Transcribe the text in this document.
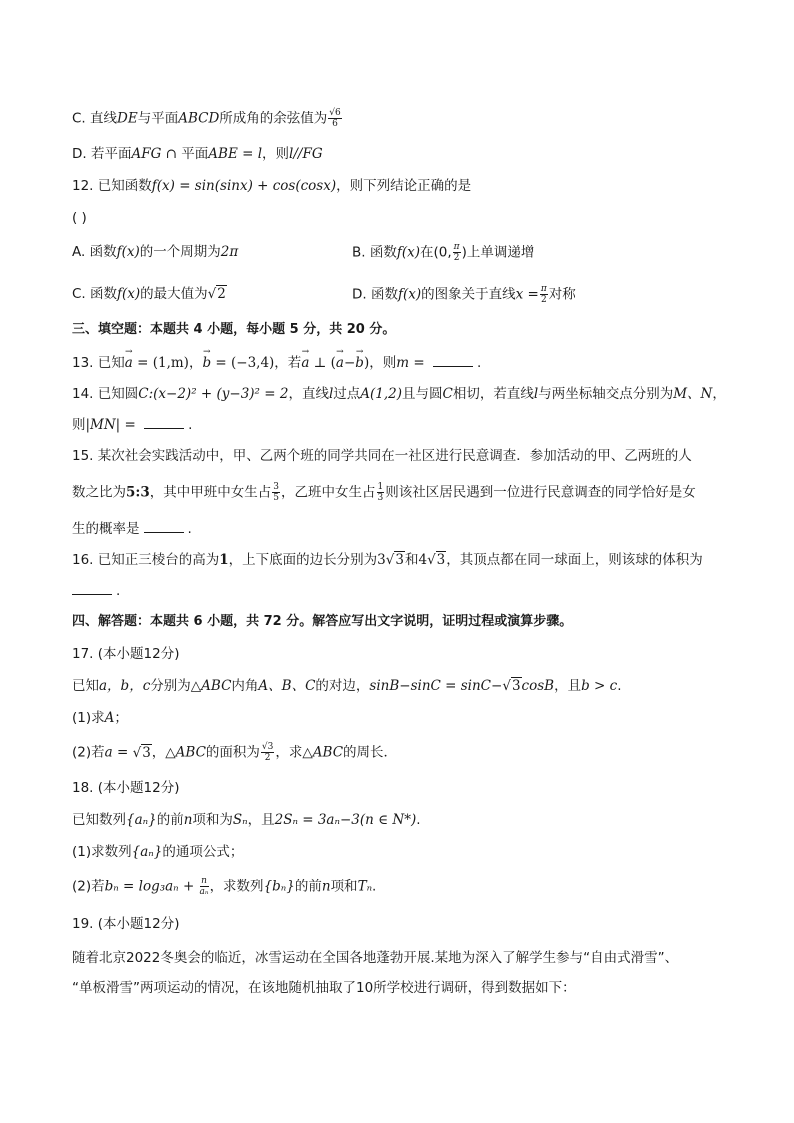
C. 直线DE与平面ABCD所成角的余弦值为 $\frac{√6}{6}$
D. 若平面AFG ∩ 平面ABE = l，则l//FG
12. 已知函数f(x) = sin(sinx) + cos(cosx)，则下列结论正确的是
( )
A. 函数f(x)的一个周期为2π	B. 函数f(x)在(0, $\frac{\pi}{2}$ )上单调递增
C. 函数f(x)的最大值为√2	D. 函数f(x)的图象关于直线$x = \frac{\pi}{2}$ 对称
三、填空题：本题共 4 小题，每小题 5 分，共 20 分。
13. 已知→ a = (1,m)，→ b = (−3,4)，若→ a ⊥ (→ a−→ b)，则m =	.
14. 已知圆C:(x−2)² + (y−3)² = 2，直线l过点A(1,2)且与圆C相切，若直线l与两坐标轴交点分别为M、N，
则|MN| =	.
15. 某次社会实践活动中，甲、乙两个班的同学共同在一社区进行民意调查．参加活动的甲、乙两班的人
数之比为5:3，其中甲班中女生占 $\frac{3}{5}$ ，乙班中女生占 $\frac{1}{3}$ 则该社区居民遇到一位进行民意调查的同学恰好是女
生的概率是	.
16. 已知正三棱台的高为1，上下底面的边长分别为3√3和4√3，其顶点都在同一球面上，则该球的体积为
.
四、解答题：本题共 6 小题，共 72 分。解答应写出文字说明，证明过程或演算步骤。
17. (本小题12分)
已知a，b，c分别为△ABC内角A、B、C的对边，sinB−sinC = sinC−√3cosB，且b > c.
(1)求A；
(2)若a = √3，△ABC的面积为 $\frac{√3}{2}$ ，求△ABC的周长．
18. (本小题12分)
已知数列{aₙ}的前n项和为Sₙ，且2Sₙ = 3aₙ−3(n ∈ N*).
(1)求数列{aₙ}的通项公式；
(2)若$b_n = \log_3a_n + \frac{n}{\text{aₙ}}$ ，求数列{bₙ}的前n项和Tₙ.
19. (本小题12分)
随着北京2022冬奥会的临近，冰雪运动在全国各地蓬勃开展.某地为深入了解学生参与“自由式滑雪”、
“单板滑雪”两项运动的情况，在该地随机抽取了10所学校进行调研，得到数据如下：
